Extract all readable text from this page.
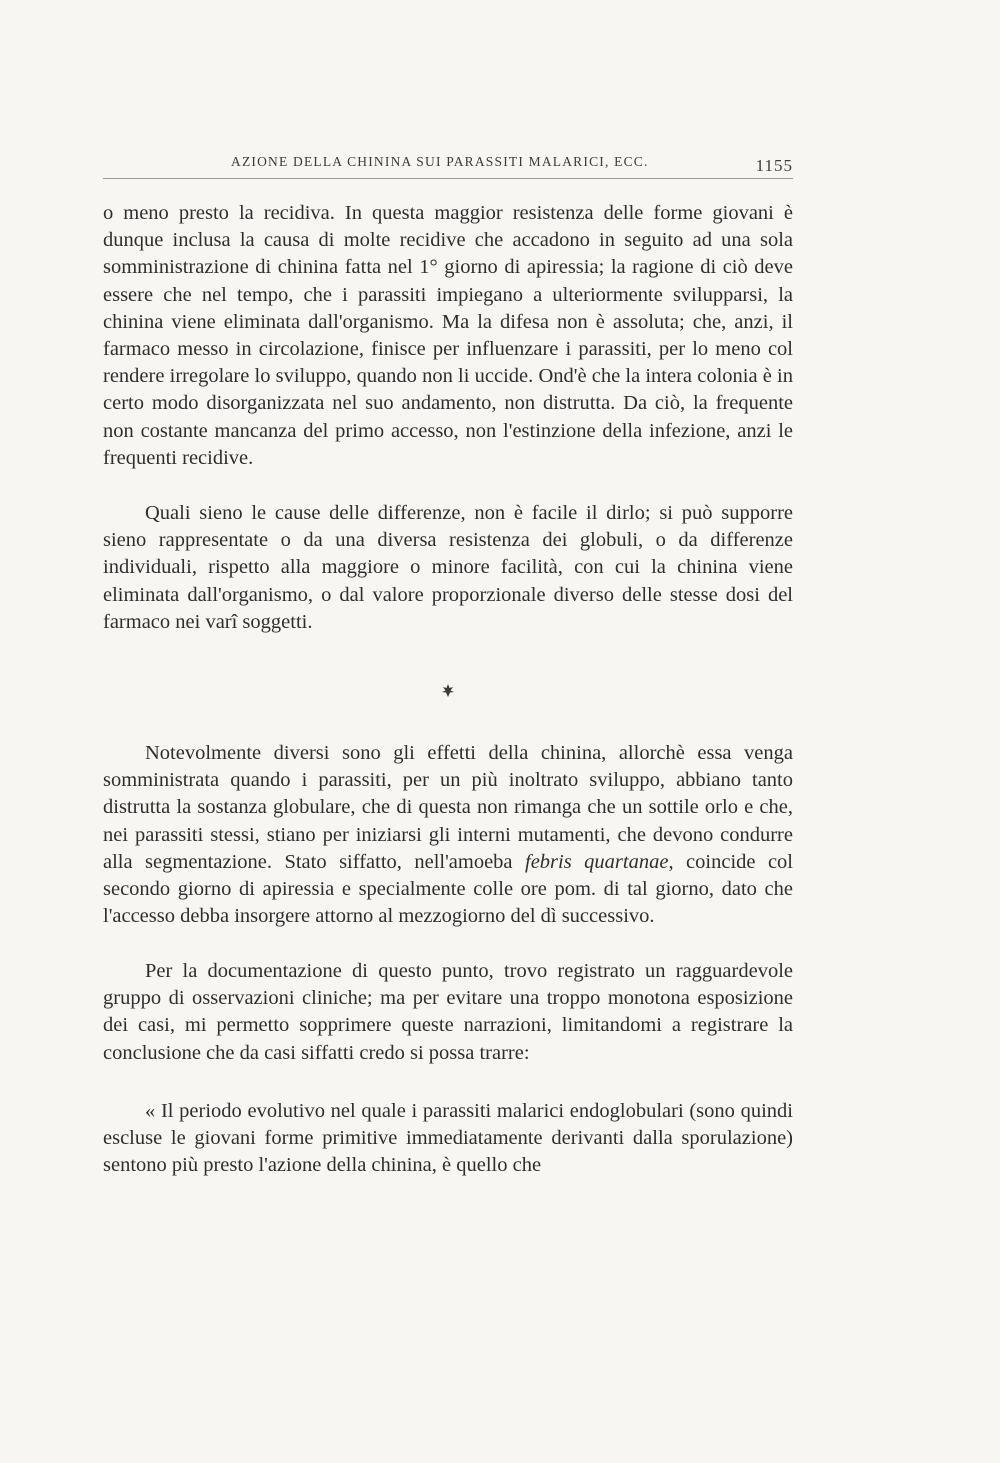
AZIONE DELLA CHININA SUI PARASSITI MALARICI, ECC.	1155

o meno presto la recidiva. In questa maggior resistenza delle forme giovani è dunque inclusa la causa di molte recidive che accadono in seguito ad una sola somministrazione di chinina fatta nel 1° giorno di apiressia; la ragione di ciò deve essere che nel tempo, che i parassiti impiegano a ulteriormente svilupparsi, la chinina viene eliminata dall'organismo. Ma la difesa non è assoluta; che, anzi, il farmaco messo in circolazione, finisce per influenzare i parassiti, per lo meno col rendere irregolare lo sviluppo, quando non li uccide. Ond'è che la intera colonia è in certo modo disorganizzata nel suo andamento, non distrutta. Da ciò, la frequente non costante mancanza del primo accesso, non l'estinzione della infezione, anzi le frequenti recidive.

Quali sieno le cause delle differenze, non è facile il dirlo; si può supporre sieno rappresentate o da una diversa resistenza dei globuli, o da differenze individuali, rispetto alla maggiore o minore facilità, con cui la chinina viene eliminata dall'organismo, o dal valore proporzionale diverso delle stesse dosi del farmaco nei varî soggetti.

Notevolmente diversi sono gli effetti della chinina, allorchè essa venga somministrata quando i parassiti, per un più inoltrato sviluppo, abbiano tanto distrutta la sostanza globulare, che di questa non rimanga che un sottile orlo e che, nei parassiti stessi, stiano per iniziarsi gli interni mutamenti, che devono condurre alla segmentazione. Stato siffatto, nell'amoeba febris quartanae, coincide col secondo giorno di apiressia e specialmente colle ore pom. di tal giorno, dato che l'accesso debba insorgere attorno al mezzogiorno del dì successivo.

Per la documentazione di questo punto, trovo registrato un ragguardevole gruppo di osservazioni cliniche; ma per evitare una troppo monotona esposizione dei casi, mi permetto sopprimere queste narrazioni, limitandomi a registrare la conclusione che da casi siffatti credo si possa trarre:

« Il periodo evolutivo nel quale i parassiti malarici endoglobulari (sono quindi escluse le giovani forme primitive immediatamente derivanti dalla sporulazione) sentono più presto l'azione della chinina, è quello che
